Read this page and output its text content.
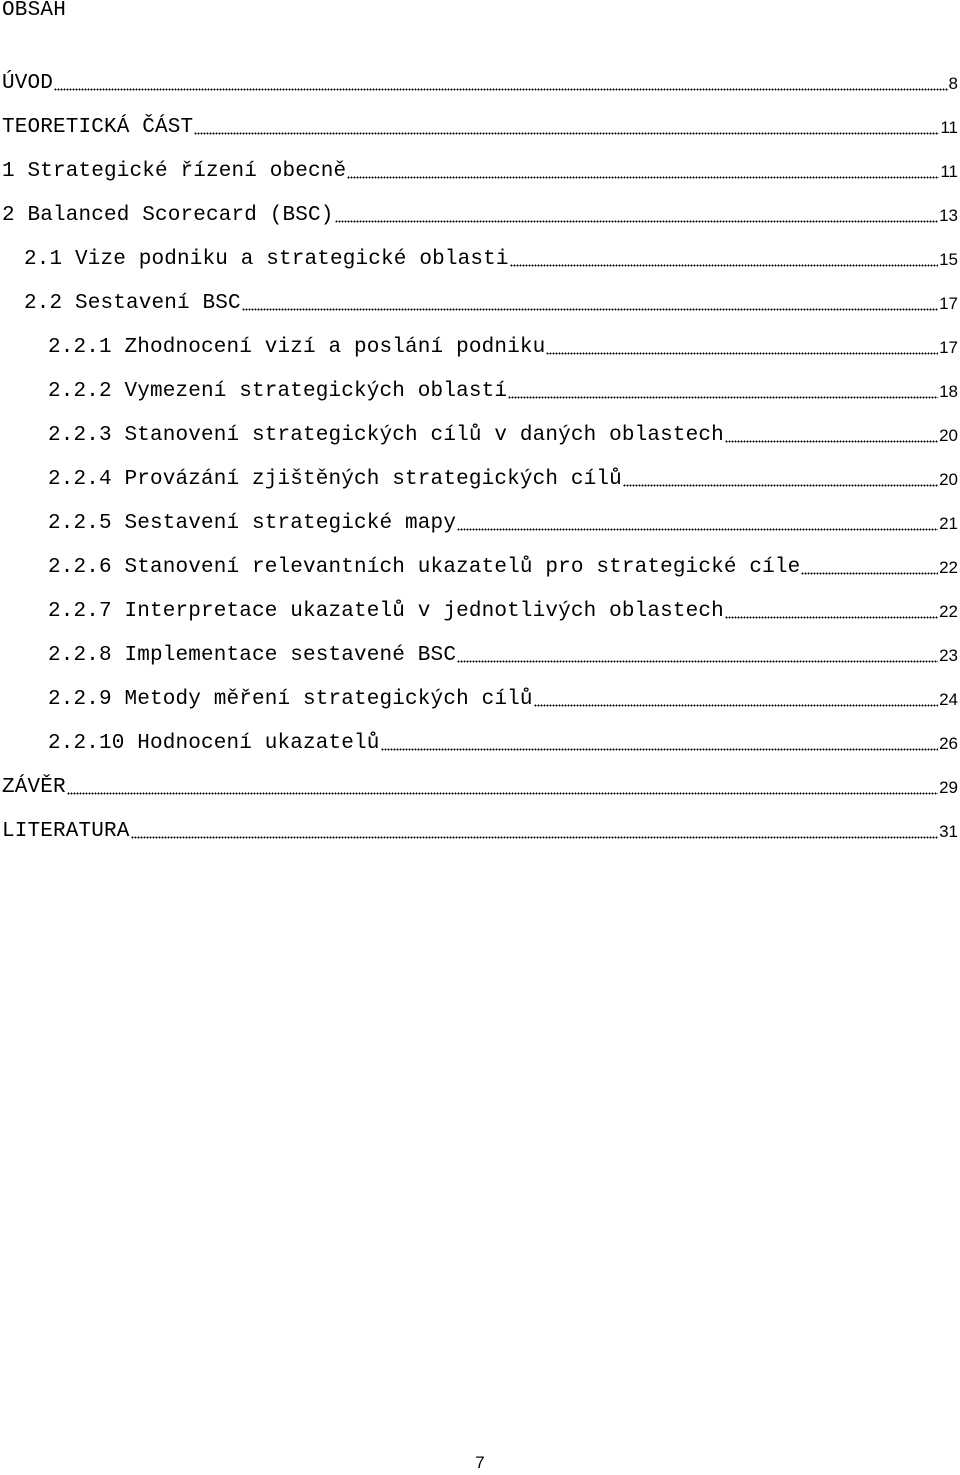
OBSAH
ÚVOD	8
TEORETICKÁ ČÁST	11
1 Strategické řízení obecně	11
2 Balanced Scorecard (BSC)	13
2.1 Vize podniku a strategické oblasti	15
2.2 Sestavení BSC	17
2.2.1 Zhodnocení vizí a poslání podniku	17
2.2.2 Vymezení strategických oblastí	18
2.2.3 Stanovení strategických cílů v daných oblastech	20
2.2.4 Provázání zjištěných strategických cílů	20
2.2.5 Sestavení strategické mapy	21
2.2.6 Stanovení relevantních ukazatelů pro strategické cíle	22
2.2.7 Interpretace ukazatelů v jednotlivých oblastech	22
2.2.8 Implementace sestavené BSC	23
2.2.9 Metody měření strategických cílů	24
2.2.10 Hodnocení ukazatelů	26
ZÁVĚR	29
LITERATURA	31
7
